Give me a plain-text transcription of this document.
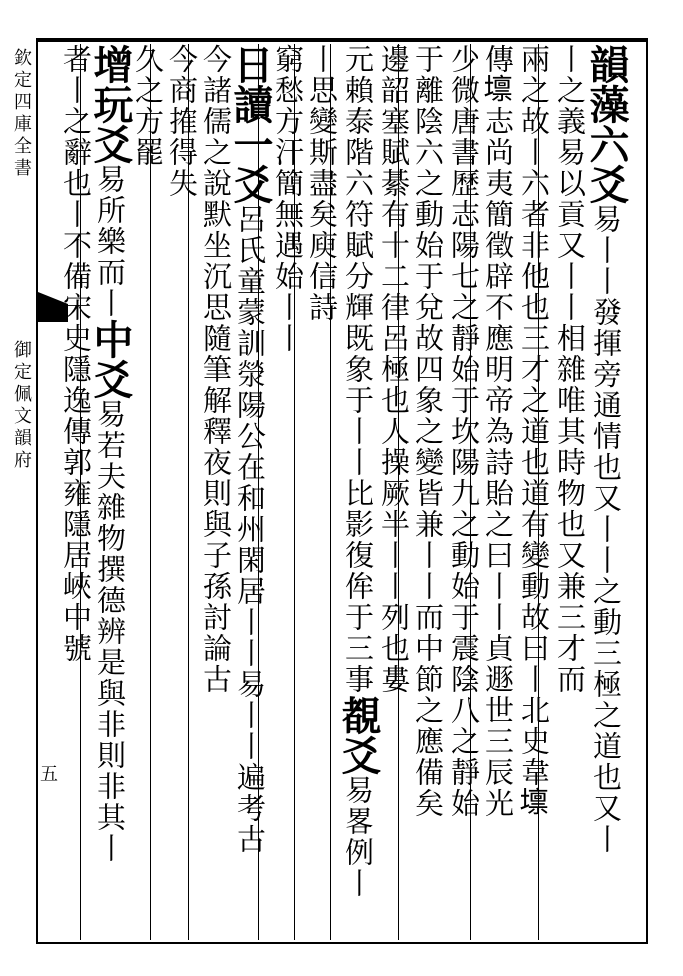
欽定四庫全書
御定佩文韻府
五
韻藻六爻易丨丨發揮旁通情也又丨丨之動三極之道也又丨
丨之義易以貢又丨丨相雜唯其時物也又兼三才而
兩之故丨六者非他也三才之道也道有變動故曰丨北史韋𡒄
傳𡒄志尚夷簡徵辟不應明帝為詩貽之曰丨丨貞遯世三辰光
少微唐書歷志陽七之靜始于坎陽九之動始于震陰八之靜始
于離陰六之動始于兌故四象之變皆兼丨丨而中節之應備矣
邊韶塞賦綦有十二律呂極也人操厥半丨丨列也婁
元賴泰階六符賦分輝既象于丨丨比影復侔于三事覩爻易畧例丨
丨思變斯盡矣庾信詩
窮愁方汗簡無遇始丨丨
日讀一爻呂氏童蒙訓滎陽公在和州閑居丨丨易丨丨遍考古
今諸儒之說默坐沉思隨筆解釋夜則與子孫討論古
今商搉得失
久之方罷
增玩爻易所樂而丨中爻易若夫雜物撰德辨是與非則非其丨
者丨之辭也丨不備宋史隱逸傳郭雍隱居峽中號
